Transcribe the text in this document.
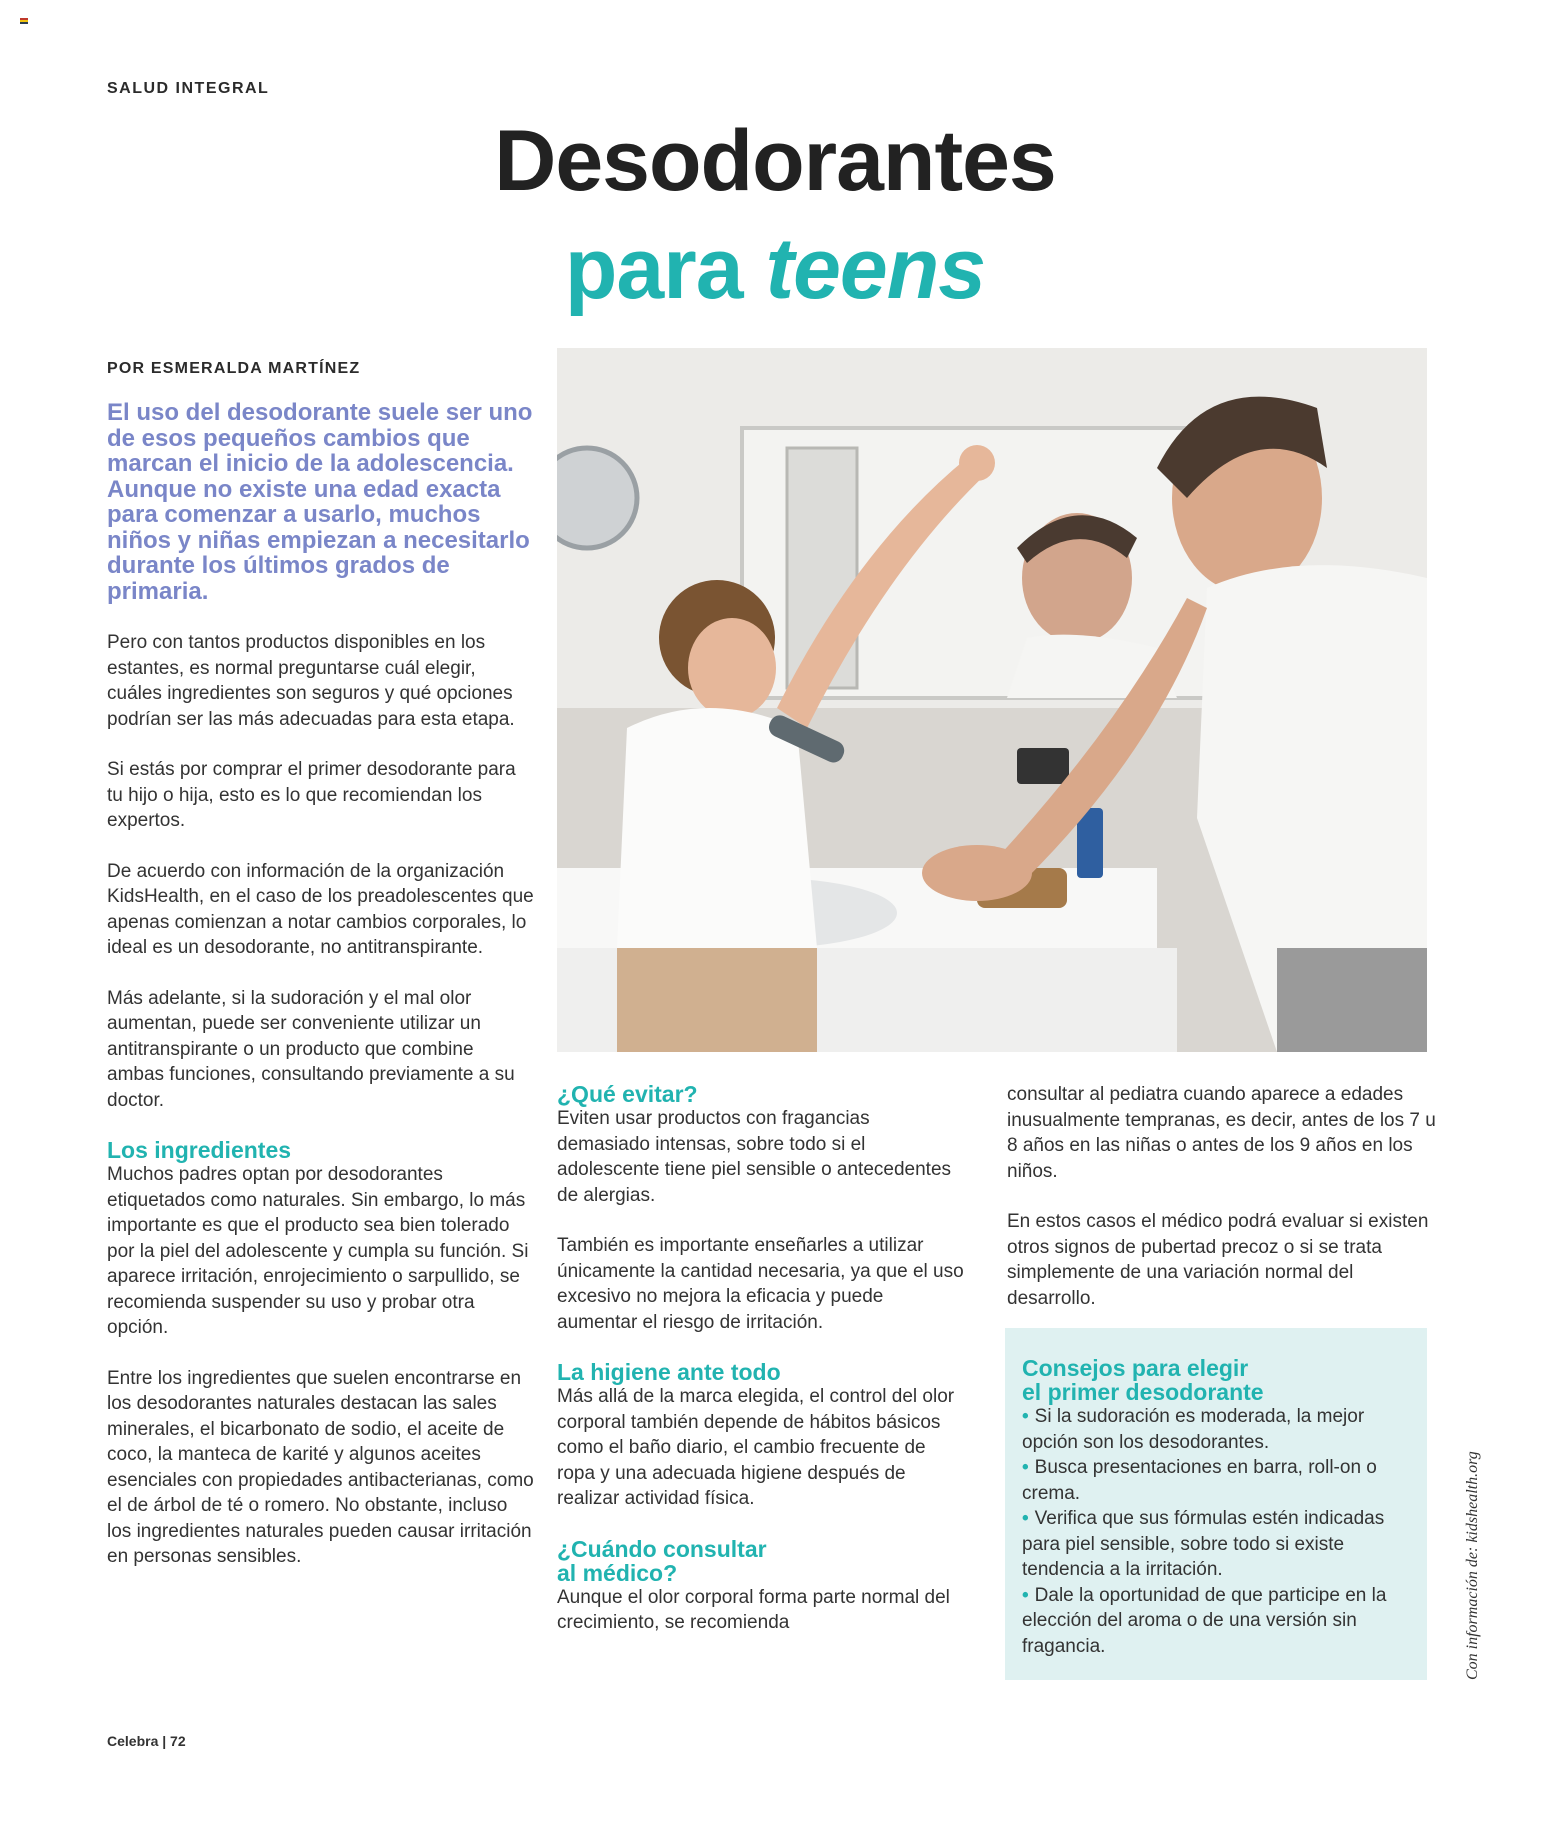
SALUD INTEGRAL
Desodorantes
para teens
POR ESMERALDA MARTÍNEZ
El uso del desodorante suele ser uno de esos pequeños cambios que marcan el inicio de la adolescencia. Aunque no existe una edad exacta para comenzar a usarlo, muchos niños y niñas empiezan a necesitarlo durante los últimos grados de primaria.

Pero con tantos productos disponibles en los estantes, es normal preguntarse cuál elegir, cuáles ingredientes son seguros y qué opciones podrían ser las más adecuadas para esta etapa.

Si estás por comprar el primer desodorante para tu hijo o hija, esto es lo que recomiendan los expertos.

De acuerdo con información de la organización KidsHealth, en el caso de los preadolescentes que apenas comienzan a notar cambios corporales, lo ideal es un desodorante, no antitranspirante.

Más adelante, si la sudoración y el mal olor aumentan, puede ser conveniente utilizar un antitranspirante o un producto que combine ambas funciones, consultando previamente a su doctor.

Los ingredientes

Muchos padres optan por desodorantes etiquetados como naturales. Sin embargo, lo más importante es que el producto sea bien tolerado por la piel del adolescente y cumpla su función. Si aparece irritación, enrojecimiento o sarpullido, se recomienda suspender su uso y probar otra opción.

Entre los ingredientes que suelen encontrarse en los desodorantes naturales destacan las sales minerales, el bicarbonato de sodio, el aceite de coco, la manteca de karité y algunos aceites esenciales con propiedades antibacterianas, como el de árbol de té o romero. No obstante, incluso los ingredientes naturales pueden causar irritación en personas sensibles.

¿Qué evitar?

Eviten usar productos con fragancias demasiado intensas, sobre todo si el adolescente tiene piel sensible o antecedentes de alergias.

También es importante enseñarles a utilizar únicamente la cantidad necesaria, ya que el uso excesivo no mejora la eficacia y puede aumentar el riesgo de irritación.

La higiene ante todo

Más allá de la marca elegida, el control del olor corporal también depende de hábitos básicos como el baño diario, el cambio frecuente de ropa y una adecuada higiene después de realizar actividad física.

¿Cuándo consultar
al médico?

Aunque el olor corporal forma parte normal del crecimiento, se recomienda

consultar al pediatra cuando aparece a edades inusualmente tempranas, es decir, antes de los 7 u 8 años en las niñas o antes de los 9 años en los niños.

En estos casos el médico podrá evaluar si existen otros signos de pubertad precoz o si se trata simplemente de una variación normal del desarrollo.

Consejos para elegir
el primer desodorante
• Si la sudoración es moderada, la mejor opción son los desodorantes.
• Busca presentaciones en barra, roll-on o crema.
• Verifica que sus fórmulas estén indicadas para piel sensible, sobre todo si existe tendencia a la irritación.
• Dale la oportunidad de que participe en la elección del aroma o de una versión sin fragancia.	Con información de: kidshealth.org
Celebra | 72
